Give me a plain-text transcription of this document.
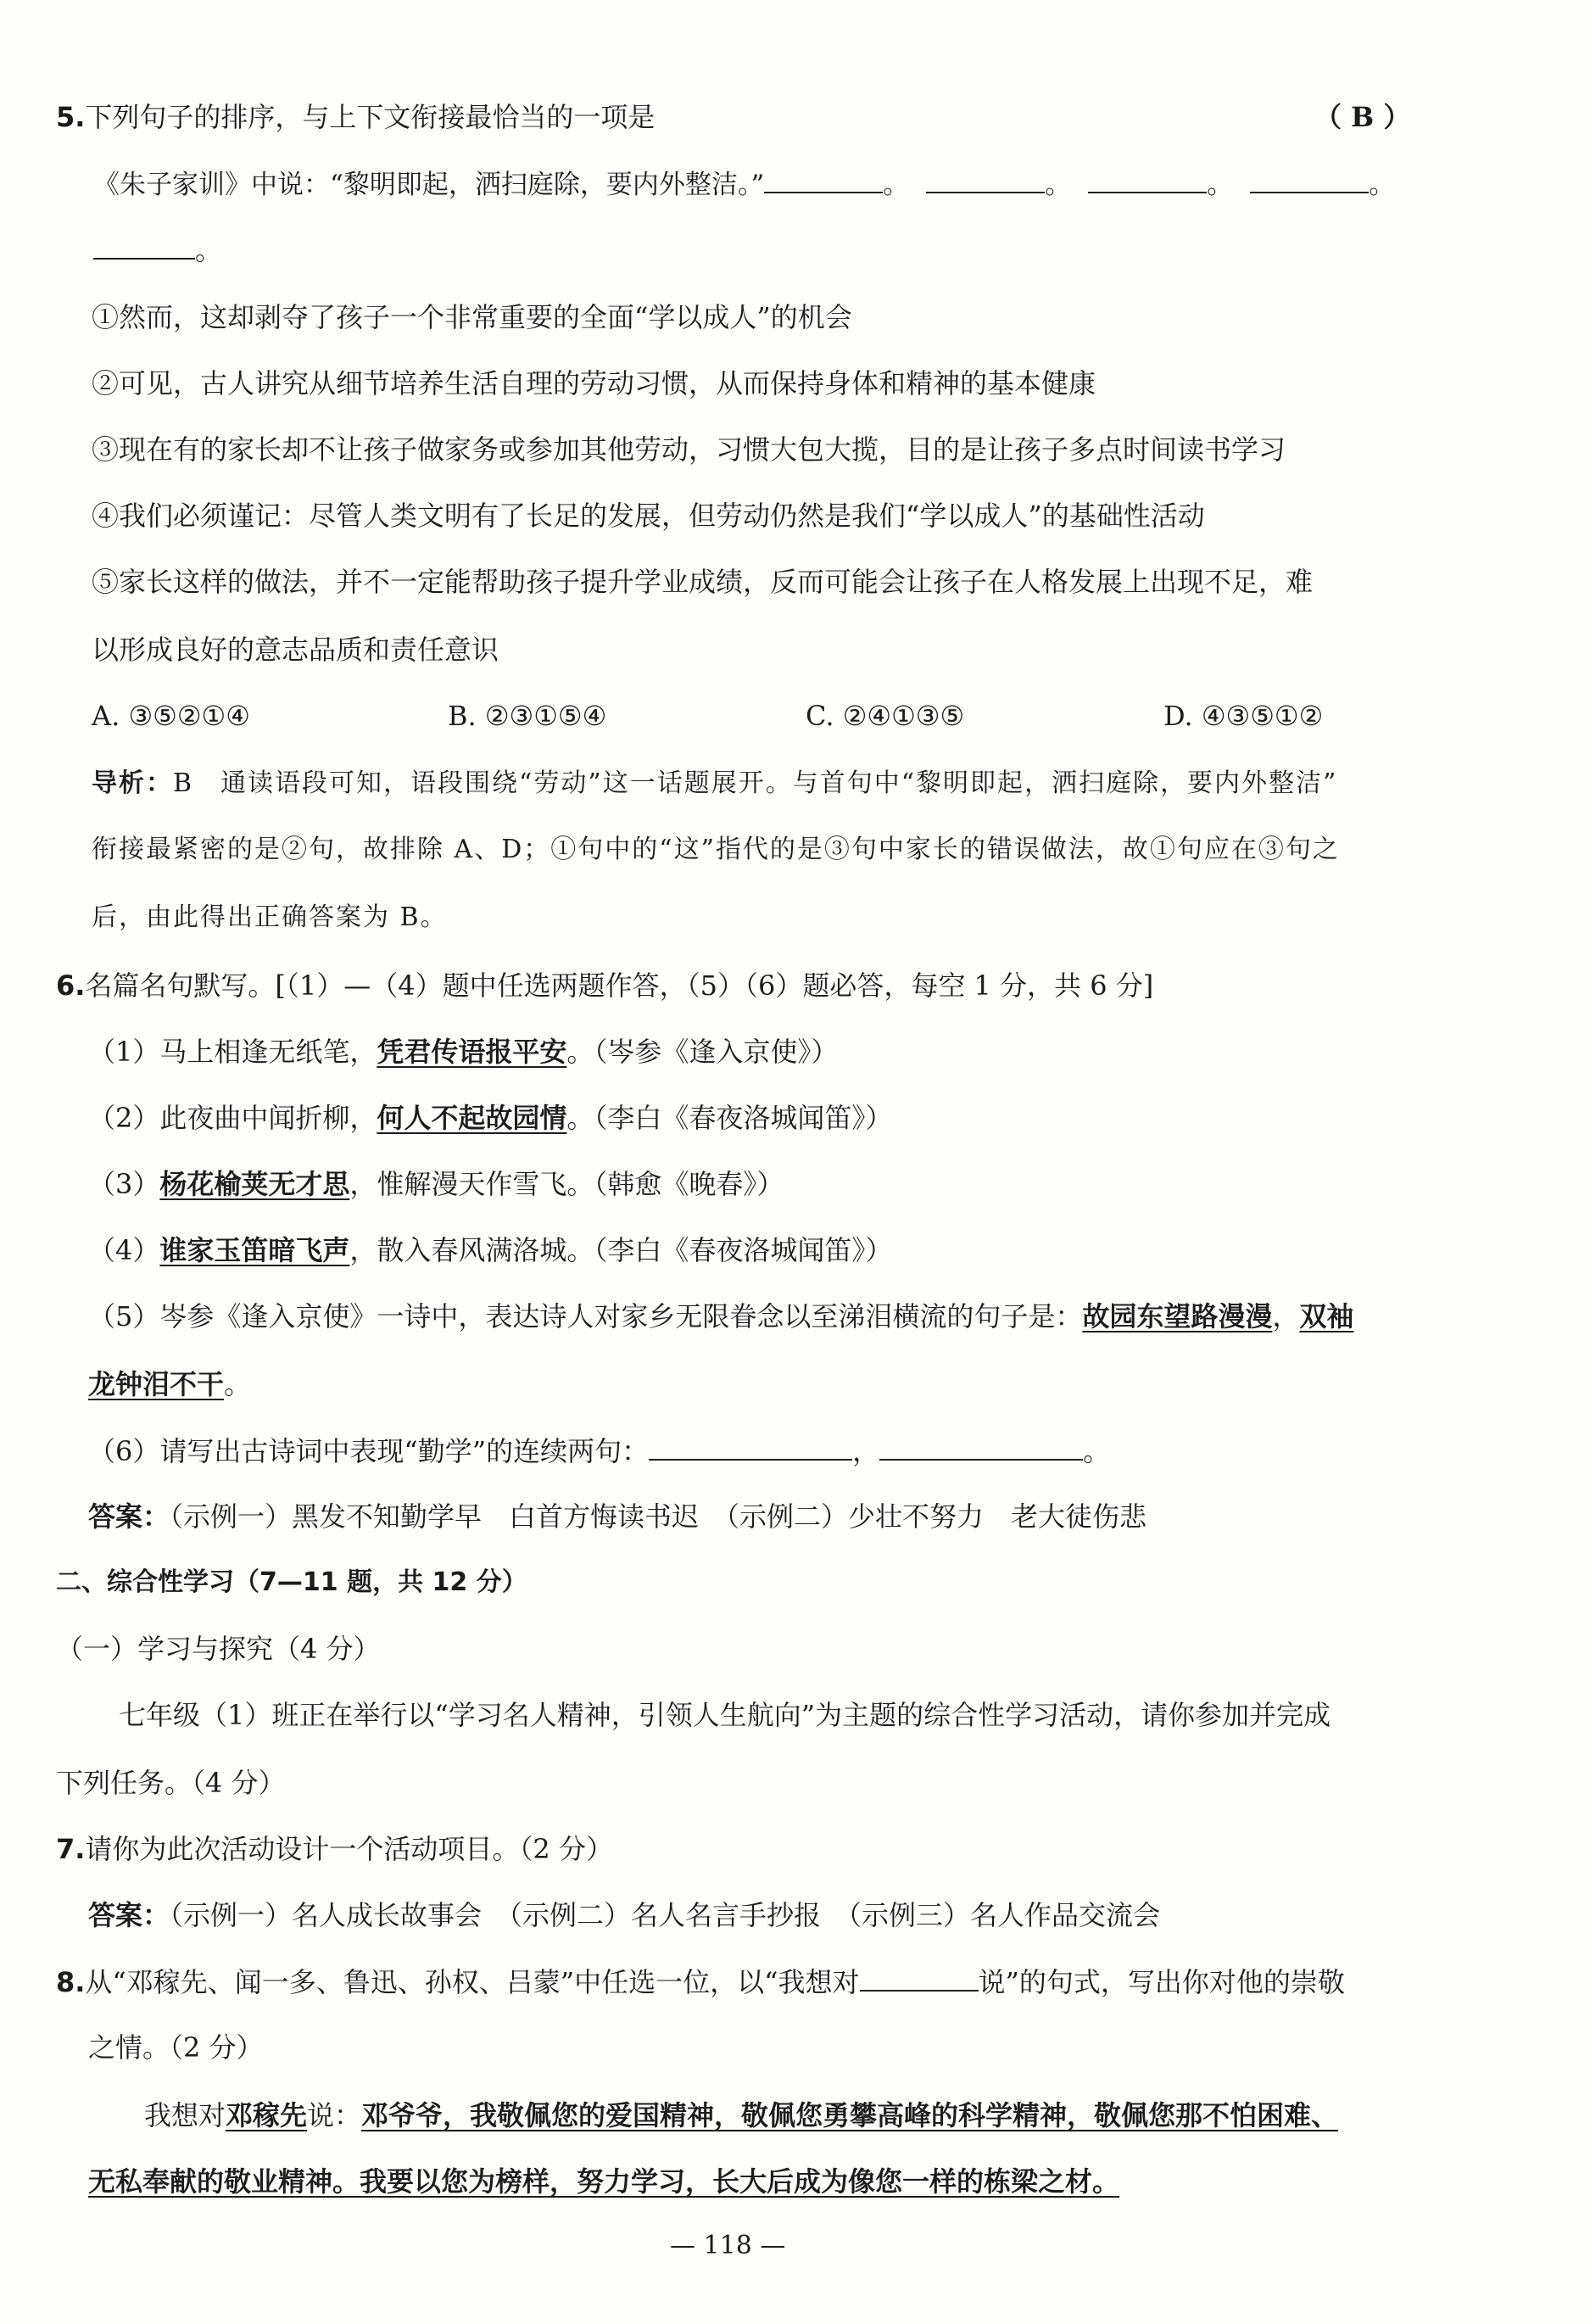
5.下列句子的排序，与上下文衔接最恰当的一项是	（ B ）
《朱子家训》中说：“黎明即起，洒扫庭除，要内外整洁。”	。	。	。	。
。
①然而，这却剥夺了孩子一个非常重要的全面“学以成人”的机会
②可见，古人讲究从细节培养生活自理的劳动习惯，从而保持身体和精神的基本健康
③现在有的家长却不让孩子做家务或参加其他劳动，习惯大包大揽，目的是让孩子多点时间读书学习
④我们必须谨记：尽管人类文明有了长足的发展，但劳动仍然是我们“学以成人”的基础性活动
⑤家长这样的做法，并不一定能帮助孩子提升学业成绩，反而可能会让孩子在人格发展上出现不足，难
以形成良好的意志品质和责任意识
A. ③⑤②①④	B. ②③①⑤④	C. ②④①③⑤	D. ④③⑤①②
导析：B　通读语段可知，语段围绕“劳动”这一话题展开。与首句中“黎明即起，洒扫庭除，要内外整洁”
衔接最紧密的是②句，故排除 A、D；①句中的“这”指代的是③句中家长的错误做法，故①句应在③句之
后，由此得出正确答案为 B。
6.名篇名句默写。[（1）—（4）题中任选两题作答，（5）（6）题必答，每空 1 分，共 6 分]
（1）马上相逢无纸笔，凭君传语报平安。（岑参《逢入京使》）
（2）此夜曲中闻折柳，何人不起故园情。（李白《春夜洛城闻笛》）
（3）杨花榆荚无才思，惟解漫天作雪飞。（韩愈《晚春》）
（4）谁家玉笛暗飞声，散入春风满洛城。（李白《春夜洛城闻笛》）
（5）岑参《逢入京使》一诗中，表达诗人对家乡无限眷念以至涕泪横流的句子是：故园东望路漫漫，双袖
龙钟泪不干。
（6）请写出古诗词中表现“勤学”的连续两句：	，	。
答案：（示例一）黑发不知勤学早　白首方悔读书迟　（示例二）少壮不努力　老大徒伤悲
二、综合性学习（7—11 题，共 12 分）
（一）学习与探究（4 分）
七年级（1）班正在举行以“学习名人精神，引领人生航向”为主题的综合性学习活动，请你参加并完成
下列任务。（4 分）
7.请你为此次活动设计一个活动项目。（2 分）
答案：（示例一）名人成长故事会　（示例二）名人名言手抄报　（示例三）名人作品交流会
8.从“邓稼先、闻一多、鲁迅、孙权、吕蒙”中任选一位，以“我想对	说”的句式，写出你对他的崇敬
之情。（2 分）
我想对邓稼先说：邓爷爷，我敬佩您的爱国精神，敬佩您勇攀高峰的科学精神，敬佩您那不怕困难、
无私奉献的敬业精神。我要以您为榜样，努力学习，长大后成为像您一样的栋梁之材。
— 118 —
